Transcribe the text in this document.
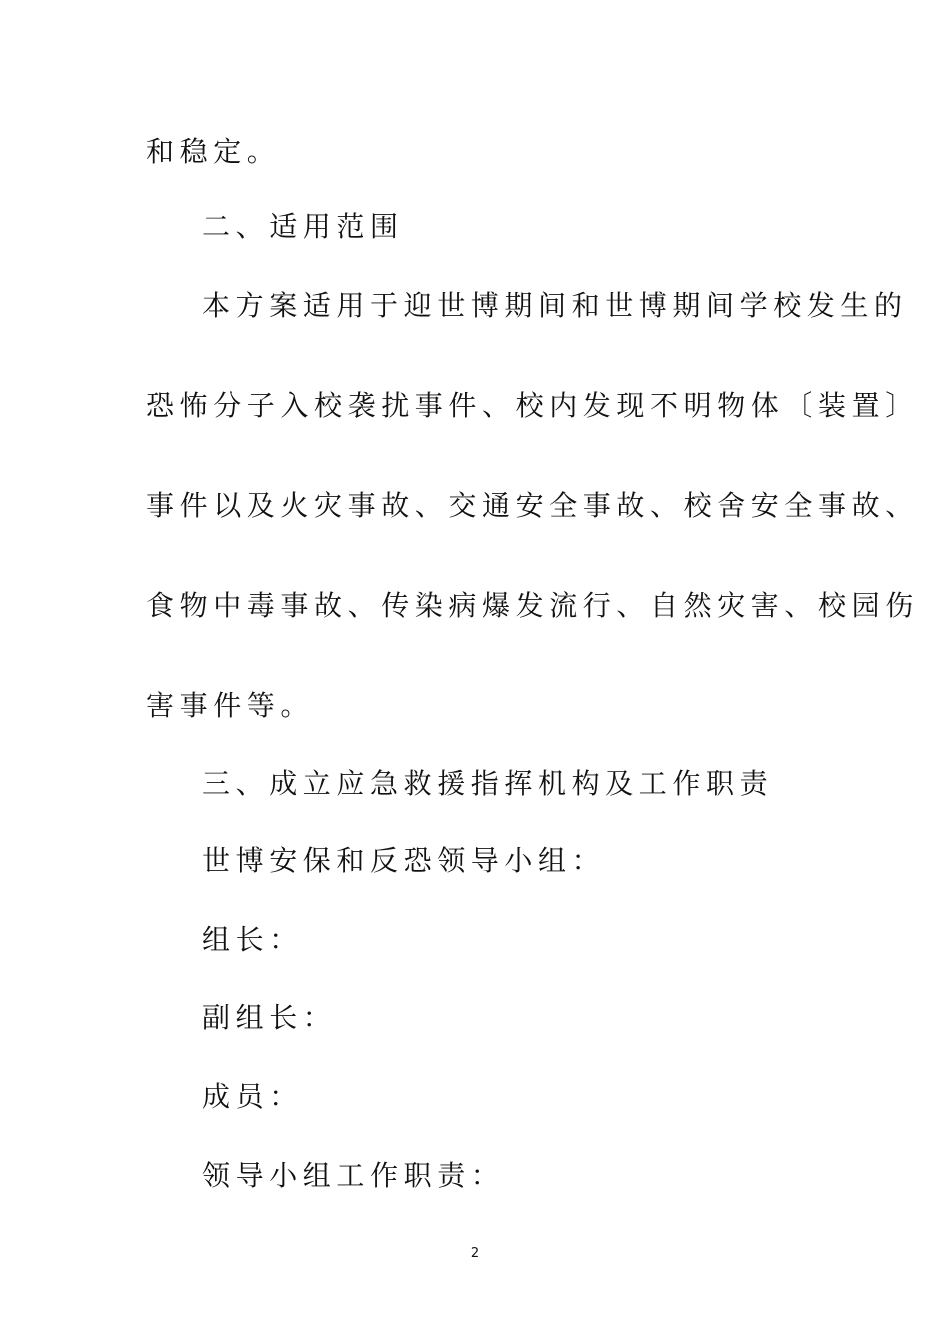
和稳定。
二、适用范围
本方案适用于迎世博期间和世博期间学校发生的
恐怖分子入校袭扰事件、校内发现不明物体〔装置〕
事件以及火灾事故、交通安全事故、校舍安全事故、
食物中毒事故、传染病爆发流行、自然灾害、校园伤
害事件等。
三、成立应急救援指挥机构及工作职责
世博安保和反恐领导小组：
组长：
副组长：
成员：
领导小组工作职责：
2
